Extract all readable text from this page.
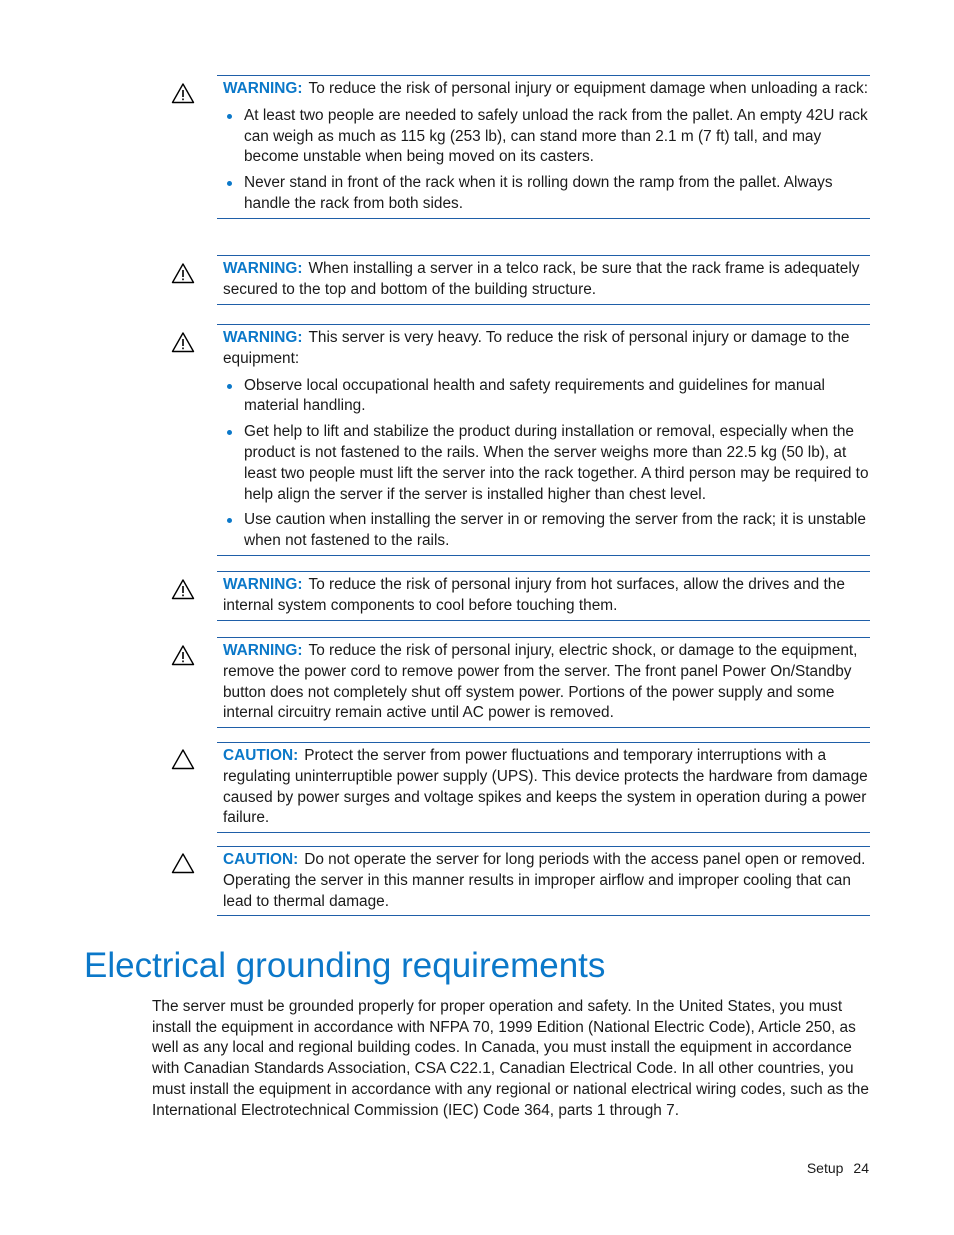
WARNING: To reduce the risk of personal injury or equipment damage when unloading a rack:

At least two people are needed to safely unload the rack from the pallet. An empty 42U rack can weigh as much as 115 kg (253 lb), can stand more than 2.1 m (7 ft) tall, and may become unstable when being moved on its casters.
Never stand in front of the rack when it is rolling down the ramp from the pallet. Always handle the rack from both sides.

WARNING: When installing a server in a telco rack, be sure that the rack frame is adequately secured to the top and bottom of the building structure.

WARNING: This server is very heavy. To reduce the risk of personal injury or damage to the equipment:

Observe local occupational health and safety requirements and guidelines for manual material handling.
Get help to lift and stabilize the product during installation or removal, especially when the product is not fastened to the rails. When the server weighs more than 22.5 kg (50 lb), at least two people must lift the server into the rack together. A third person may be required to help align the server if the server is installed higher than chest level.
Use caution when installing the server in or removing the server from the rack; it is unstable when not fastened to the rails.

WARNING: To reduce the risk of personal injury from hot surfaces, allow the drives and the internal system components to cool before touching them.

WARNING: To reduce the risk of personal injury, electric shock, or damage to the equipment, remove the power cord to remove power from the server. The front panel Power On/Standby button does not completely shut off system power. Portions of the power supply and some internal circuitry remain active until AC power is removed.

CAUTION: Protect the server from power fluctuations and temporary interruptions with a regulating uninterruptible power supply (UPS). This device protects the hardware from damage caused by power surges and voltage spikes and keeps the system in operation during a power failure.

CAUTION: Do not operate the server for long periods with the access panel open or removed. Operating the server in this manner results in improper airflow and improper cooling that can lead to thermal damage.

Electrical grounding requirements

The server must be grounded properly for proper operation and safety. In the United States, you must install the equipment in accordance with NFPA 70, 1999 Edition (National Electric Code), Article 250, as well as any local and regional building codes. In Canada, you must install the equipment in accordance with Canadian Standards Association, CSA C22.1, Canadian Electrical Code. In all other countries, you must install the equipment in accordance with any regional or national electrical wiring codes, such as the International Electrotechnical Commission (IEC) Code 364, parts 1 through 7.

Setup 24
